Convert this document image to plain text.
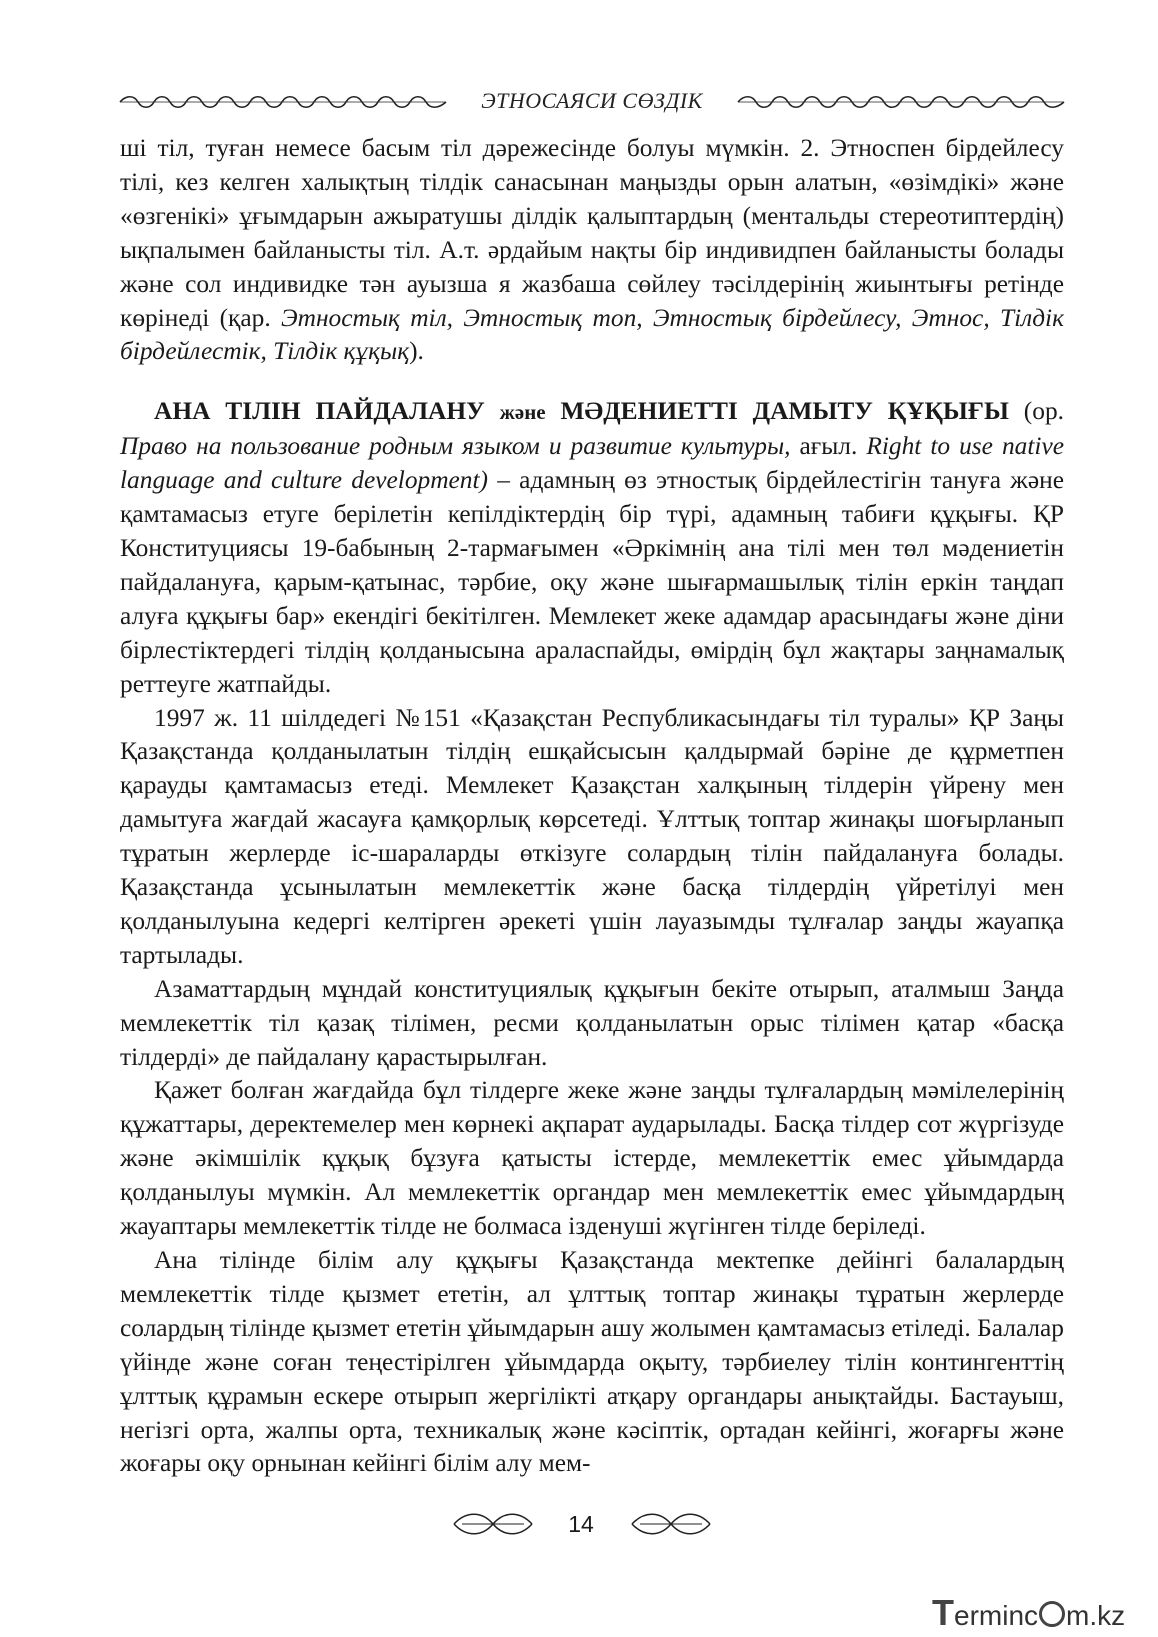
ЭТНОСАЯСИ СӨЗДІК

ші тіл, туған немесе басым тіл дәрежесінде болуы мүмкін. 2. Этноспен бірдейлесу тілі, кез келген халықтың тілдік санасынан маңызды орын алатын, «өзімдікі» және «өзгенікі» ұғымдарын ажыратушы ділдік қалыптардың (ментальды стереотиптердің) ықпалымен байланысты тіл. А.т. әрдайым нақты бір индивидпен байланысты болады және сол индивидке тән ауызша я жазбаша сөйлеу тәсілдерінің жиынтығы ретінде көрінеді (қар. Этностық тіл, Этностық топ, Этностық бірдейлесу, Этнос, Тілдік бірдейлестік, Тілдік құқық).

АНА ТІЛІН ПАЙДАЛАНУ және МӘДЕНИЕТТІ ДАМЫТУ ҚҰҚЫҒЫ (ор. Право на пользование родным языком и развитие культуры, ағыл. Right to use native language and culture development) – адамның өз этностық бірдейлестігін тануға және қамтамасыз етуге берілетін кепілдіктердің бір түрі, адамның табиғи құқығы. ҚР Конституциясы 19-бабының 2-тармағымен «Әркімнің ана тілі мен төл мәдениетін пайдалануға, қарым-қатынас, тәрбие, оқу және шығармашылық тілін еркін таңдап алуға құқығы бар» екендігі бекітілген. Мемлекет жеке адамдар арасындағы және діни бірлестіктердегі тілдің қолданысына араласпайды, өмірдің бұл жақтары заңнамалық реттеуге жатпайды.

1997 ж. 11 шілдедегі №151 «Қазақстан Республикасындағы тіл туралы» ҚР Заңы Қазақстанда қолданылатын тілдің ешқайсысын қалдырмай бәріне де құрметпен қарауды қамтамасыз етеді. Мемлекет Қазақстан халқының тілдерін үйрену мен дамытуға жағдай жасауға қамқорлық көрсетеді. Ұлттық топтар жинақы шоғырланып тұратын жерлерде іс-шараларды өткізуге солардың тілін пайдалануға болады. Қазақстанда ұсынылатын мемлекеттік және басқа тілдердің үйретілуі мен қолданылуына кедергі келтірген әрекеті үшін лауазымды тұлғалар заңды жауапқа тартылады.

Азаматтардың мұндай конституциялық құқығын бекіте отырып, аталмыш Заңда мемлекеттік тіл қазақ тілімен, ресми қолданылатын орыс тілімен қатар «басқа тілдерді» де пайдалану қарастырылған.

Қажет болған жағдайда бұл тілдерге жеке және заңды тұлғалардың мәмілелерінің құжаттары, деректемелер мен көрнекі ақпарат аударылады. Басқа тілдер сот жүргізуде және әкімшілік құқық бұзуға қатысты істерде, мемлекеттік емес ұйымдарда қолданылуы мүмкін. Ал мемлекеттік органдар мен мемлекеттік емес ұйымдардың жауаптары мемлекеттік тілде не болмаса ізденуші жүгінген тілде беріледі.

Ана тілінде білім алу құқығы Қазақстанда мектепке дейінгі балалардың мемлекеттік тілде қызмет ететін, ал ұлттық топтар жинақы тұратын жерлерде солардың тілінде қызмет ететін ұйымдарын ашу жолымен қамтамасыз етіледі. Балалар үйінде және соған теңестірілген ұйымдарда оқыту, тәрбиелеу тілін контингенттің ұлттық құрамын ескере отырып жергілікті атқару органдары анықтайды. Бастауыш, негізгі орта, жалпы орта, техникалық және кәсіптік, ортадан кейінгі, жоғарғы және жоғары оқу орнынан кейінгі білім алу мем-

14
Terminc m.kz
